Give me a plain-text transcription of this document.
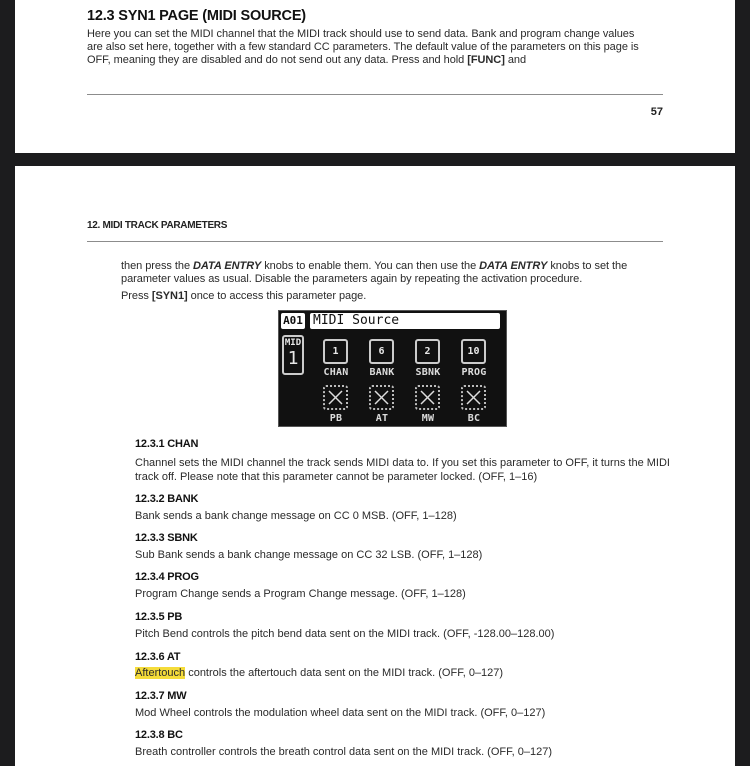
12.3 SYN1 PAGE (MIDI SOURCE)
Here you can set the MIDI channel that the MIDI track should use to send data. Bank and program change values are also set here, together with a few standard CC parameters. The default value of the parameters on this page is OFF, meaning they are disabled and do not send out any data. Press and hold [FUNC] and
57
12. MIDI TRACK PARAMETERS
then press the DATA ENTRY knobs to enable them. You can then use the DATA ENTRY knobs to set the parameter values as usual. Disable the parameters again by repeating the activation procedure.
Press [SYN1] once to access this parameter page.
A01 MIDI Source
MID
1	1	6	2	10
CHAN	BANK	SBNK	PROG
PB	AT	MW	BC
12.3.1 CHAN
Channel sets the MIDI channel the track sends MIDI data to. If you set this parameter to OFF, it turns the MIDI track off. Please note that this parameter cannot be parameter locked. (OFF, 1–16)
12.3.2 BANK
Bank sends a bank change message on CC 0 MSB. (OFF, 1–128)
12.3.3 SBNK
Sub Bank sends a bank change message on CC 32 LSB. (OFF, 1–128)
12.3.4 PROG
Program Change sends a Program Change message. (OFF, 1–128)
12.3.5 PB
Pitch Bend controls the pitch bend data sent on the MIDI track. (OFF, -128.00–128.00)
12.3.6 AT
Aftertouch controls the aftertouch data sent on the MIDI track. (OFF, 0–127)
12.3.7 MW
Mod Wheel controls the modulation wheel data sent on the MIDI track. (OFF, 0–127)
12.3.8 BC
Breath controller controls the breath control data sent on the MIDI track. (OFF, 0–127)
